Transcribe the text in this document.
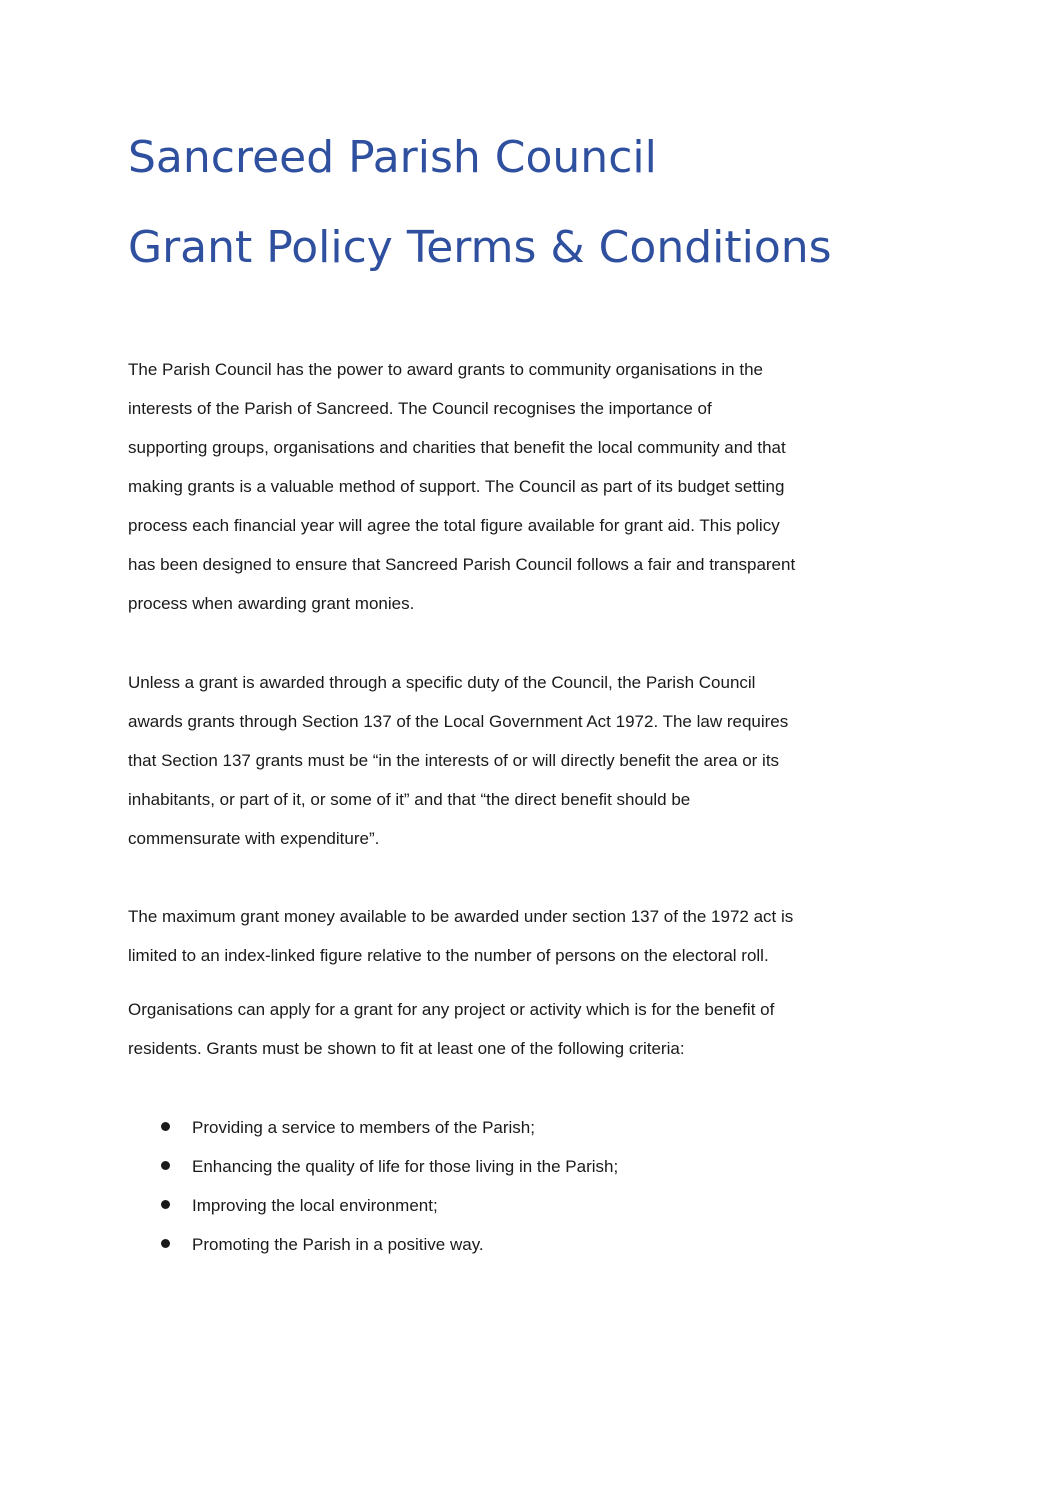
Sancreed Parish Council
Grant Policy Terms & Conditions

The Parish Council has the power to award grants to community organisations in the
interests of the Parish of Sancreed. The Council recognises the importance of
supporting groups, organisations and charities that benefit the local community and that
making grants is a valuable method of support. The Council as part of its budget setting
process each financial year will agree the total figure available for grant aid. This policy
has been designed to ensure that Sancreed Parish Council follows a fair and transparent
process when awarding grant monies.

Unless a grant is awarded through a specific duty of the Council, the Parish Council
awards grants through Section 137 of the Local Government Act 1972. The law requires
that Section 137 grants must be “in the interests of or will directly benefit the area or its
inhabitants, or part of it, or some of it” and that “the direct benefit should be
commensurate with expenditure”.

The maximum grant money available to be awarded under section 137 of the 1972 act is
limited to an index-linked figure relative to the number of persons on the electoral roll.

Organisations can apply for a grant for any project or activity which is for the benefit of
residents. Grants must be shown to fit at least one of the following criteria:

Providing a service to members of the Parish;
Enhancing the quality of life for those living in the Parish;
Improving the local environment;
Promoting the Parish in a positive way.
